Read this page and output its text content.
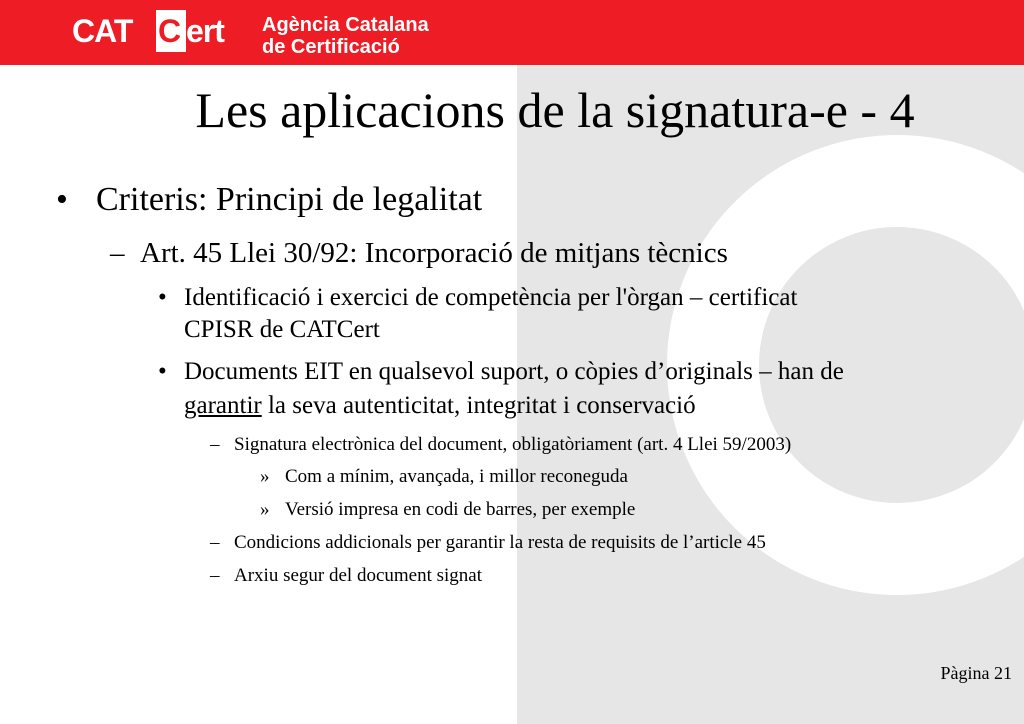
CAT C ert Agència Catalana
de Certificació
Les aplicacions de la signatura-e - 4
• Criteris: Principi de legalitat
– Art. 45 Llei 30/92: Incorporació de mitjans tècnics
• Identificació i exercici de competència per l'òrgan – certificat
CPISR de CATCert
• Documents EIT en qualsevol suport, o còpies d’originals – han de
garantir la seva autenticitat, integritat i conservació
– Signatura electrònica del document, obligatòriament (art. 4 Llei 59/2003)
» Com a mínim, avançada, i millor reconeguda
» Versió impresa en codi de barres, per exemple
– Condicions addicionals per garantir la resta de requisits de l’article 45
– Arxiu segur del document signat
Pàgina 21
